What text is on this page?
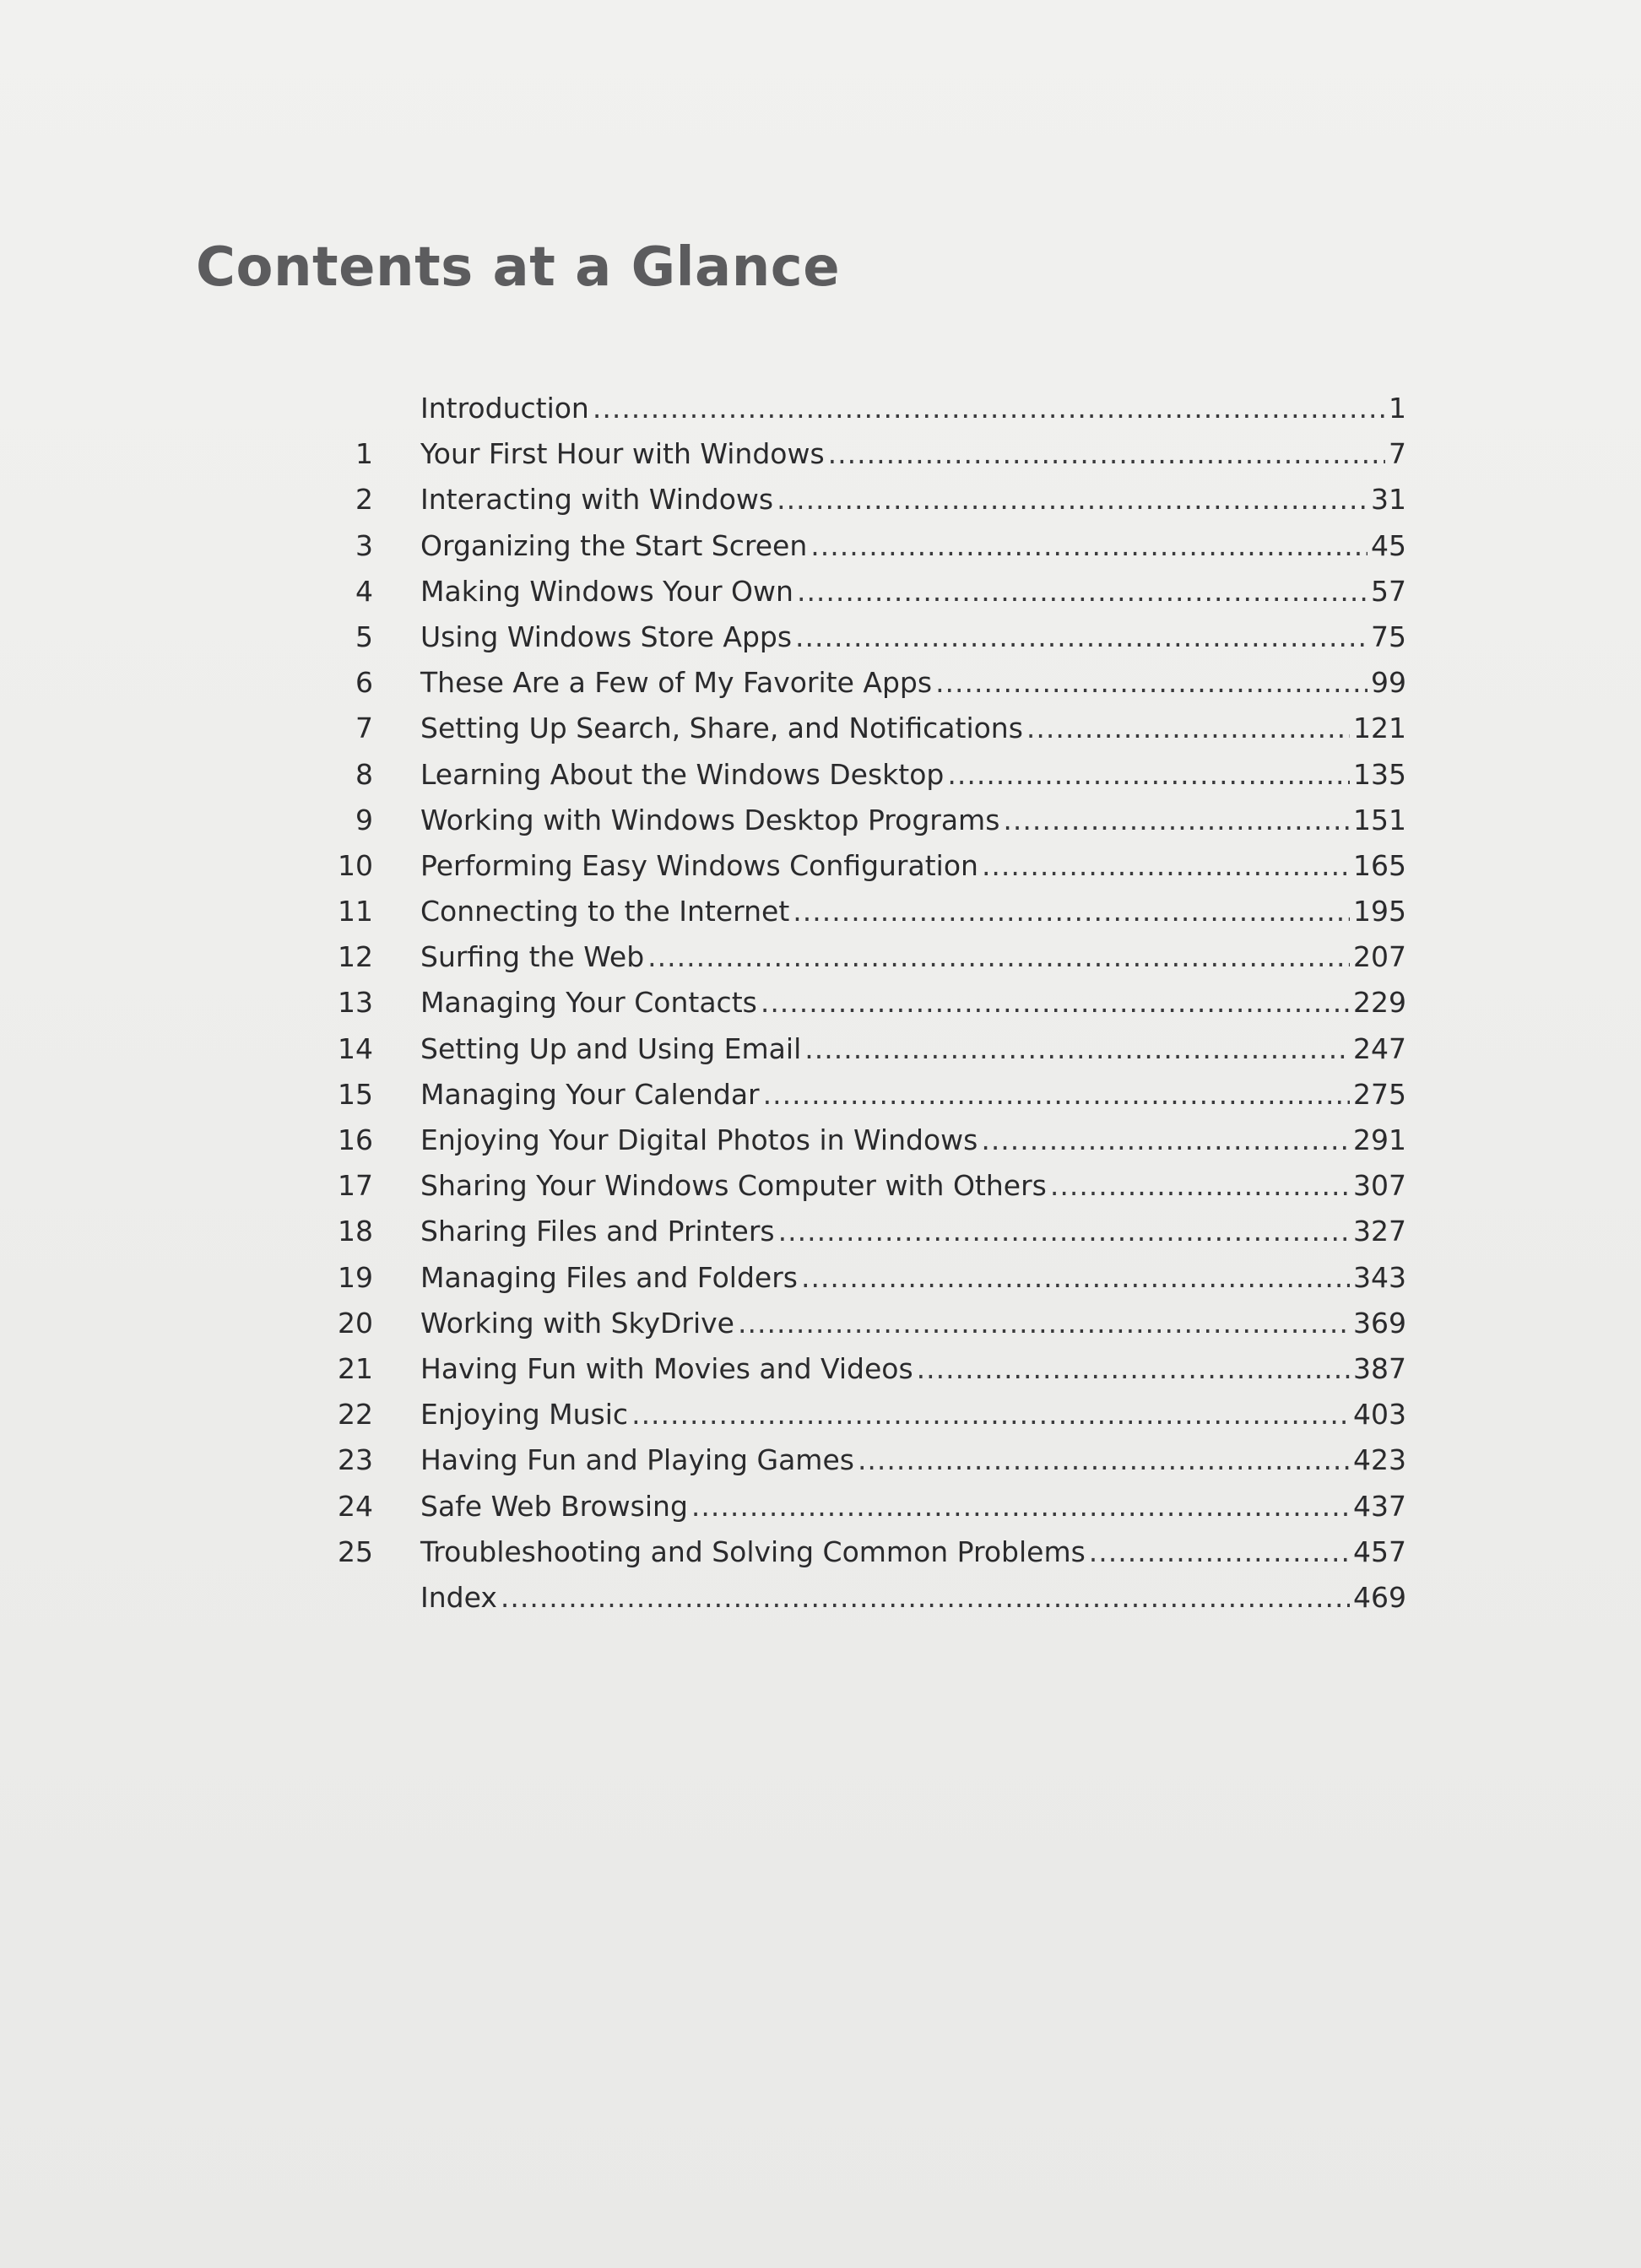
Contents at a Glance
Introduction .....	1
1	Your First Hour with Windows .....	7
2	Interacting with Windows .....	31
3	Organizing the Start Screen .....	45
4	Making Windows Your Own .....	57
5	Using Windows Store Apps .....	75
6	These Are a Few of My Favorite Apps .....	99
7	Setting Up Search, Share, and Notifications .....	121
8	Learning About the Windows Desktop .....	135
9	Working with Windows Desktop Programs .....	151
10	Performing Easy Windows Configuration .....	165
11	Connecting to the Internet .....	195
12	Surfing the Web .....	207
13	Managing Your Contacts .....	229
14	Setting Up and Using Email .....	247
15	Managing Your Calendar .....	275
16	Enjoying Your Digital Photos in Windows .....	291
17	Sharing Your Windows Computer with Others .....	307
18	Sharing Files and Printers .....	327
19	Managing Files and Folders .....	343
20	Working with SkyDrive .....	369
21	Having Fun with Movies and Videos .....	387
22	Enjoying Music .....	403
23	Having Fun and Playing Games .....	423
24	Safe Web Browsing .....	437
25	Troubleshooting and Solving Common Problems .....	457
Index .....	469
